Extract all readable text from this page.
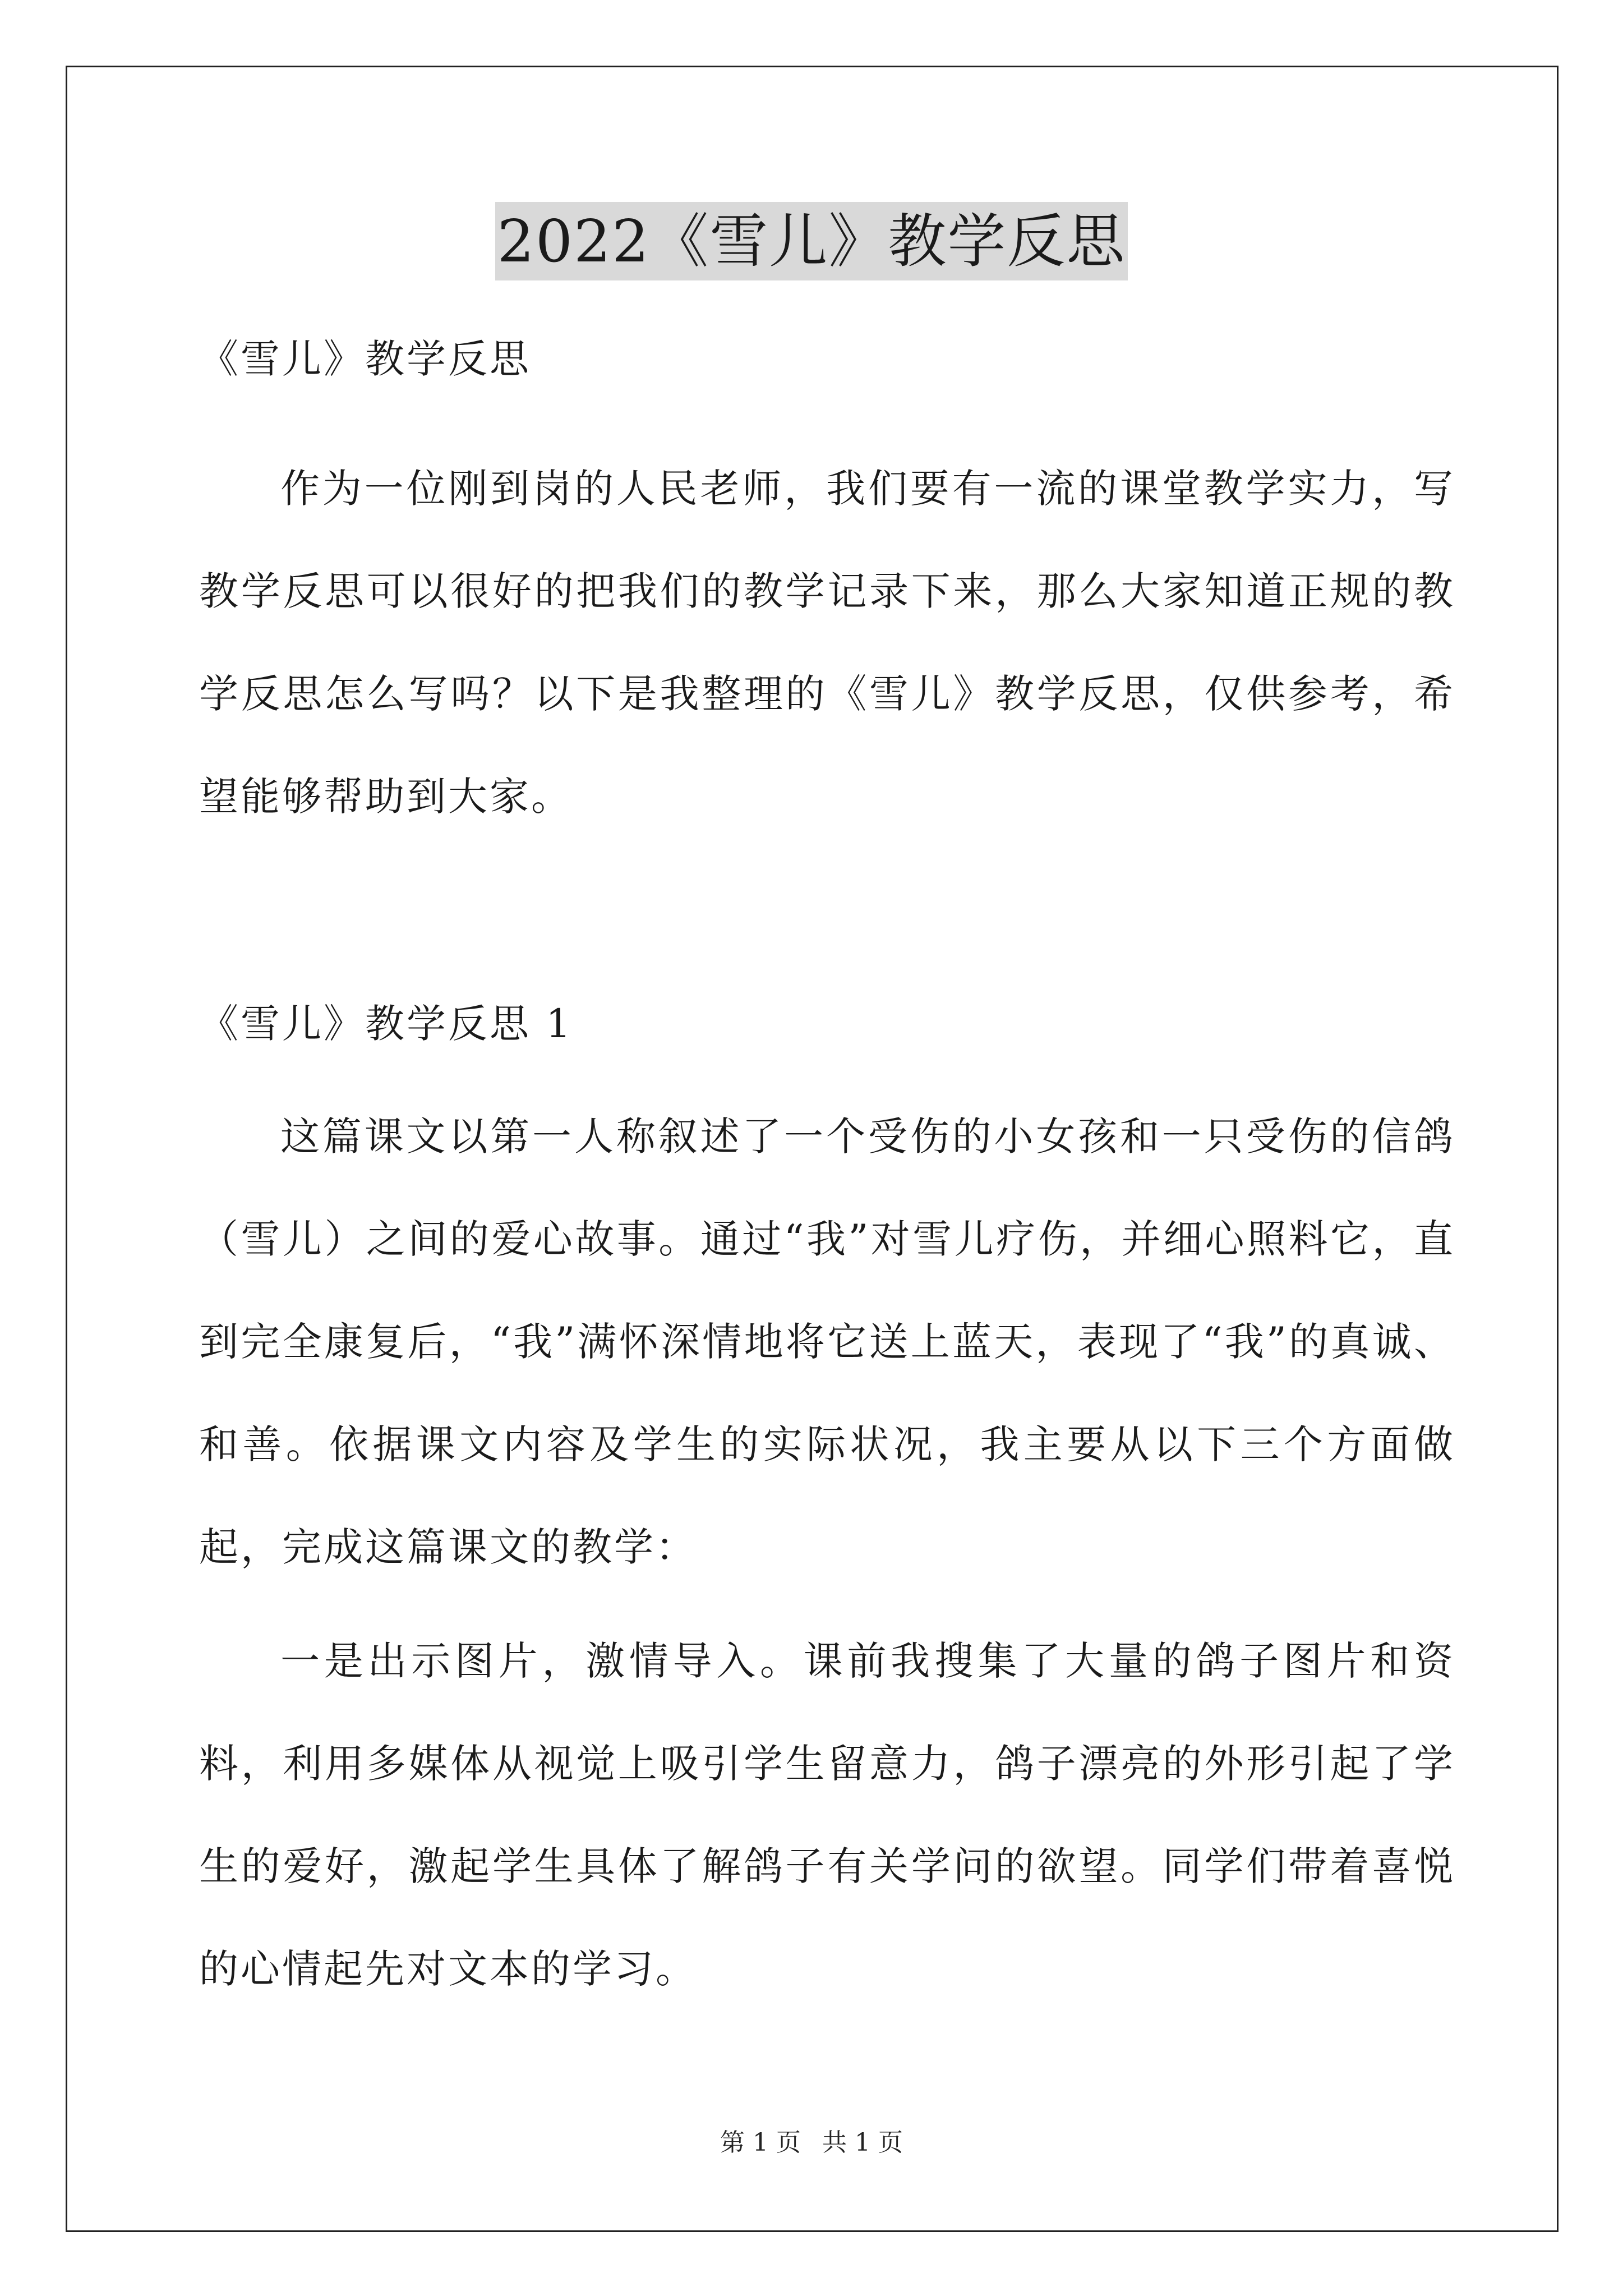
2022《雪儿》教学反思
《雪儿》教学反思
作为一位刚到岗的人民老师，我们要有一流的课堂教学实力，写教学反思可以很好的把我们的教学记录下来，那么大家知道正规的教学反思怎么写吗？以下是我整理的《雪儿》教学反思，仅供参考，希望能够帮助到大家。
《雪儿》教学反思 1
这篇课文以第一人称叙述了一个受伤的小女孩和一只受伤的信鸽（雪儿）之间的爱心故事。通过“我”对雪儿疗伤，并细心照料它，直到完全康复后，“我”满怀深情地将它送上蓝天，表现了“我”的真诚、和善。依据课文内容及学生的实际状况，我主要从以下三个方面做起，完成这篇课文的教学：
一是出示图片，激情导入。课前我搜集了大量的鸽子图片和资料，利用多媒体从视觉上吸引学生留意力，鸽子漂亮的外形引起了学生的爱好，激起学生具体了解鸽子有关学问的欲望。同学们带着喜悦的心情起先对文本的学习。
第 1 页 共 1 页
